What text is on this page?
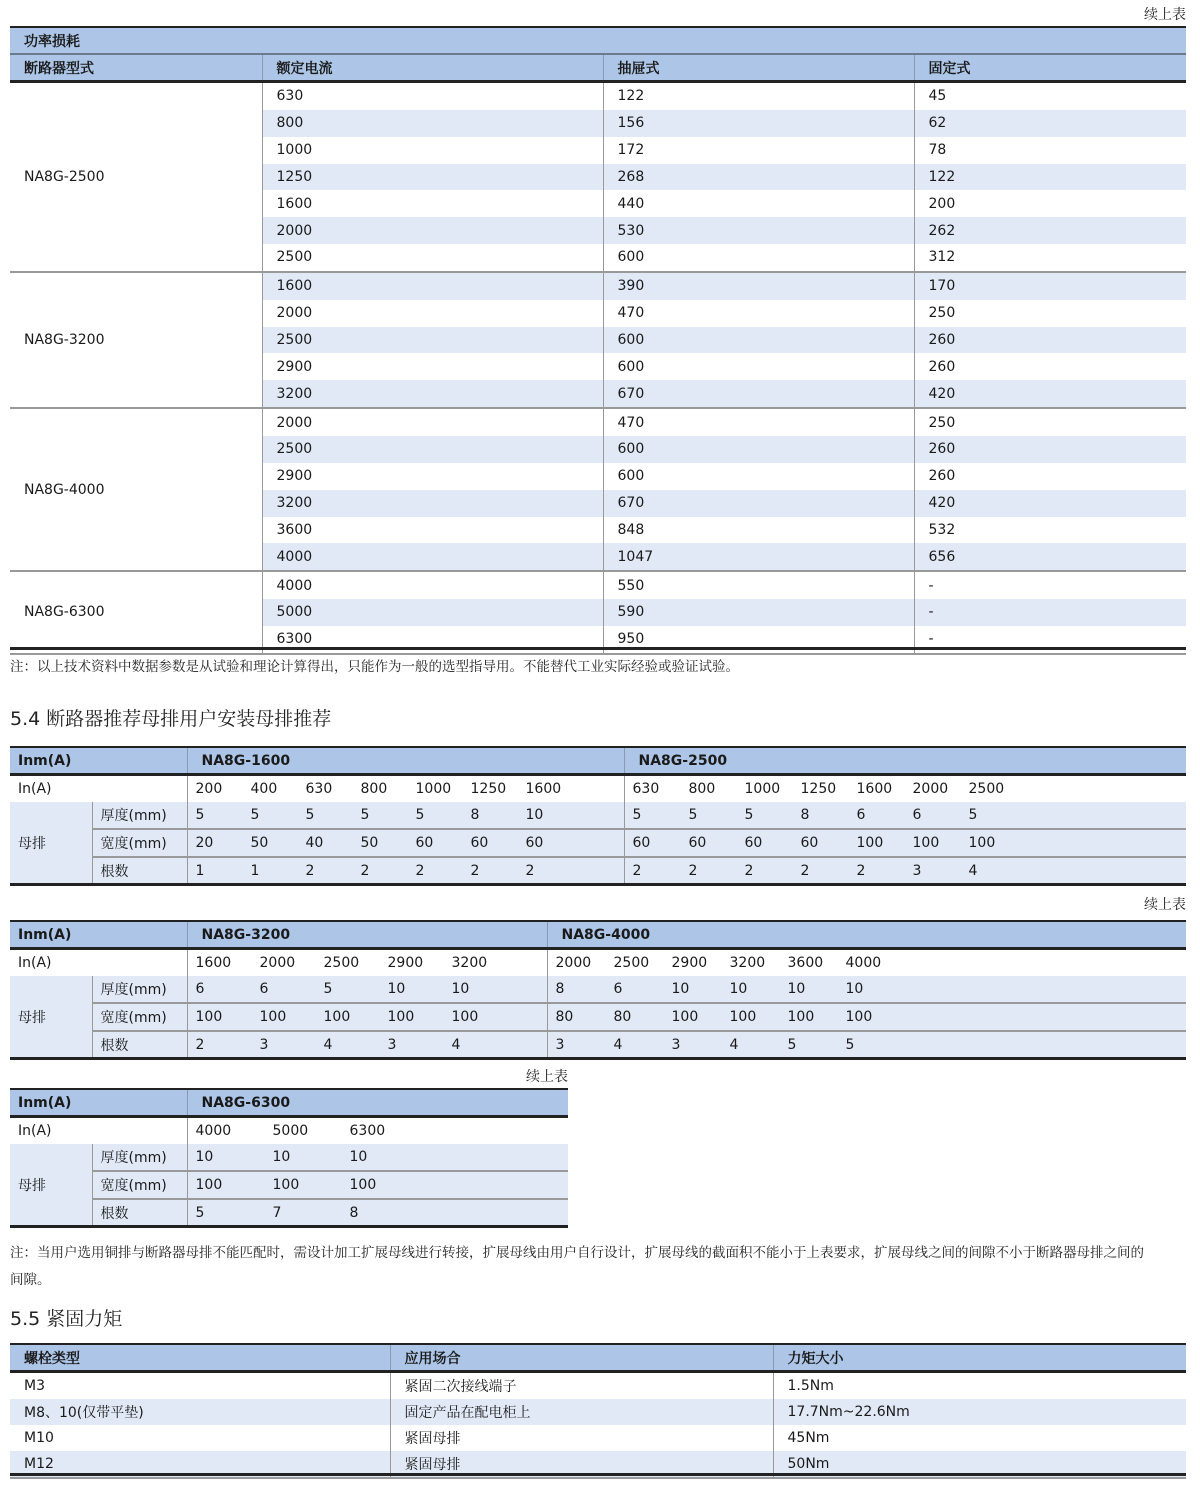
续上表
功率损耗			
断路器型式	额定电流	抽屉式	固定式
NA8G-2500	630	122	45
	800	156	62
	1000	172	78
	1250	268	122
	1600	440	200
	2000	530	262
	2500	600	312
NA8G-3200	1600	390	170
	2000	470	250
	2500	600	260
	2900	600	260
	3200	670	420
NA8G-4000	2000	470	250
	2500	600	260
	2900	600	260
	3200	670	420
	3600	848	532
	4000	1047	656
NA8G-6300	4000	550	-
	5000	590	-
	6300	950	-
注：以上技术资料中数据参数是从试验和理论计算得出，只能作为一般的选型指导用。不能替代工业实际经验或验证试验。
5.4 断路器推荐母排用户安装母排推荐
Inm(A)		NA8G-1600	NA8G-2500
In(A)		200 400 630 800 1000 1250 1600	630 800 1000 1250 1600 2000 2500
母排	厚度(mm)	5 5 5 5 5 8 10	5 5 5 8 6 6 5
	宽度(mm)	20 50 40 50 60 60 60	60 60 60 60 100 100 100
	根数	1 1 2 2 2 2 2	2 2 2 2 2 3 4
续上表
Inm(A)		NA8G-3200	NA8G-4000
In(A)		1600 2000 2500 2900 3200	2000 2500 2900 3200 3600 4000
母排	厚度(mm)	6 6 5 10 10	8 6 10 10 10 10
	宽度(mm)	100 100 100 100 100	80 80 100 100 100 100
	根数	2 3 4 3 4	3 4 3 4 5 5
续上表
Inm(A)		NA8G-6300
In(A)		4000 5000 6300
母排	厚度(mm)	10 10 10
	宽度(mm)	100 100 100
	根数	5 7 8
注：当用户选用铜排与断路器母排不能匹配时，需设计加工扩展母线进行转接，扩展母线由用户自行设计，扩展母线的截面积不能小于上表要求，扩展母线之间的间隙不小于断路器母排之间的
间隙。
5.5 紧固力矩
螺栓类型	应用场合	力矩大小
M3	紧固二次接线端子	1.5Nm
M8、10(仅带平垫)	固定产品在配电柜上	17.7Nm~22.6Nm
M10	紧固母排	45Nm
M12	紧固母排	50Nm
